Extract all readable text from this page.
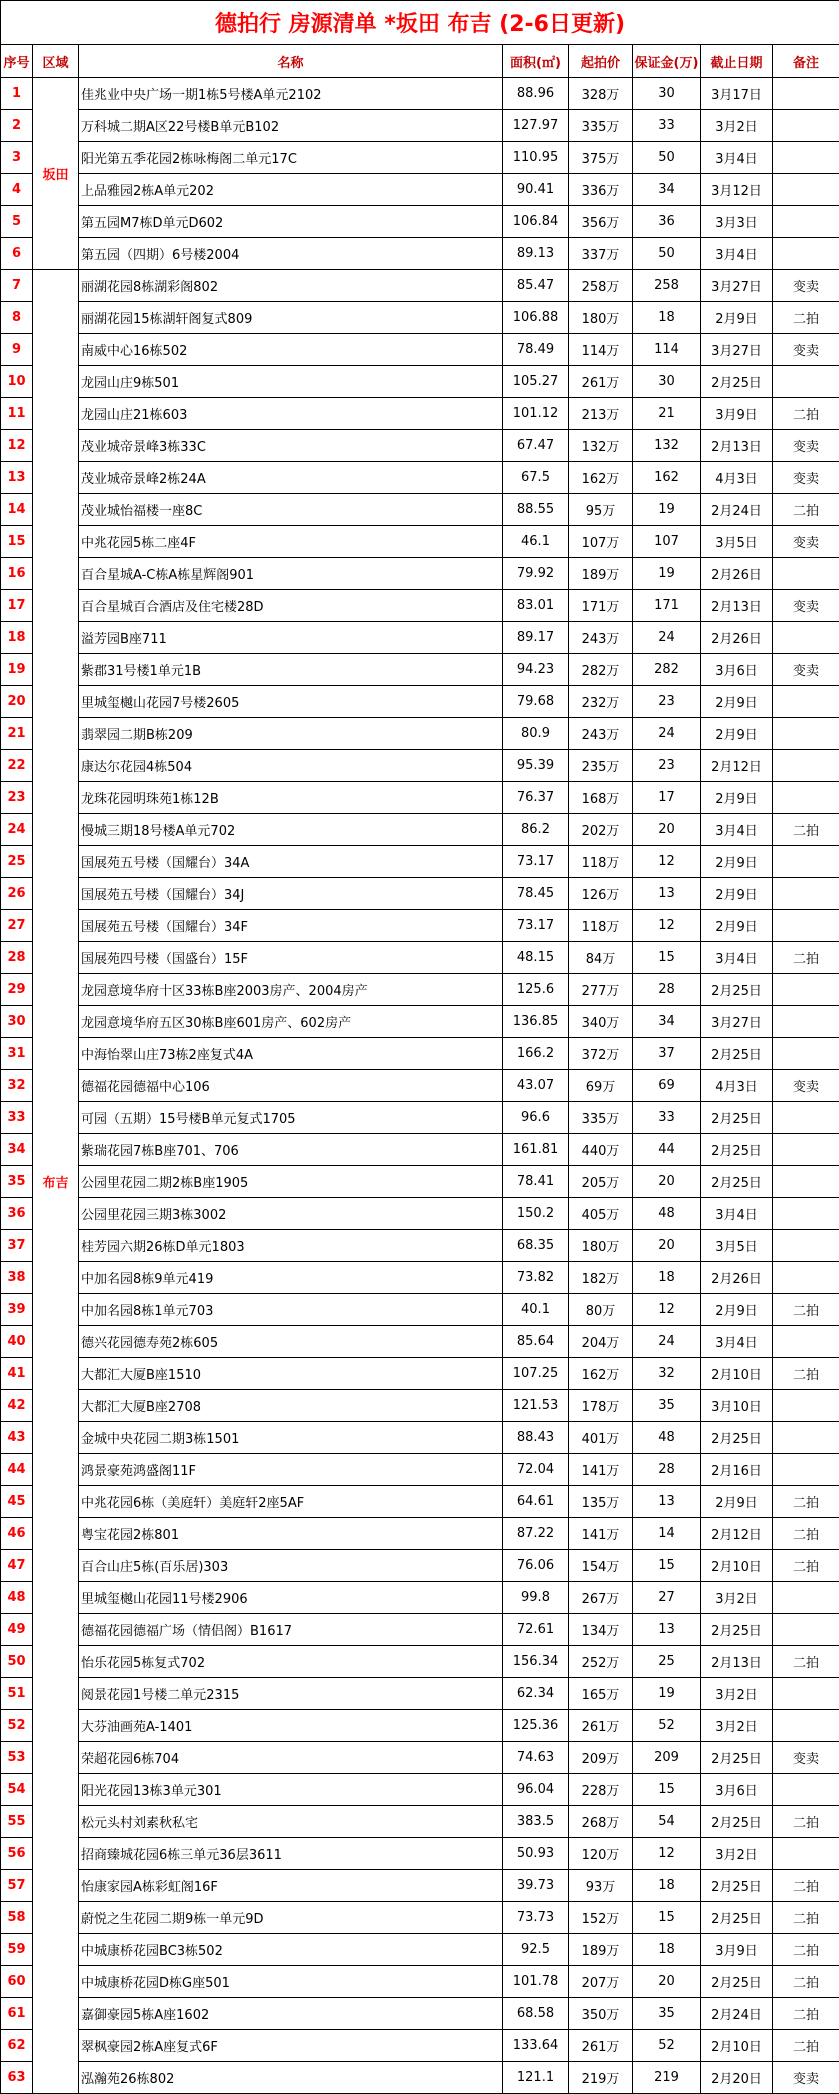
德拍行 房源清单 *坂田 布吉 (2-6日更新)							
序号	区域	名称	面积(㎡)	起拍价	保证金(万)	截止日期	备注
1	坂田	佳兆业中央广场一期1栋5号楼A单元2102	88.96	328万	30	3月17日	
2		万科城二期A区22号楼B单元B102	127.97	335万	33	3月2日	
3		阳光第五季花园2栋咏梅阁二单元17C	110.95	375万	50	3月4日	
4		上品雅园2栋A单元202	90.41	336万	34	3月12日	
5		第五园M7栋D单元D602	106.84	356万	36	3月3日	
6		第五园（四期）6号楼2004	89.13	337万	50	3月4日	
7	布吉	丽湖花园8栋湖彩阁802	85.47	258万	258	3月27日	变卖
8		丽湖花园15栋湖轩阁复式809	106.88	180万	18	2月9日	二拍
9		南威中心16栋502	78.49	114万	114	3月27日	变卖
10		龙园山庄9栋501	105.27	261万	30	2月25日	
11		龙园山庄21栋603	101.12	213万	21	3月9日	二拍
12		茂业城帝景峰3栋33C	67.47	132万	132	2月13日	变卖
13		茂业城帝景峰2栋24A	67.5	162万	162	4月3日	变卖
14		茂业城怡福楼一座8C	88.55	95万	19	2月24日	二拍
15		中兆花园5栋二座4F	46.1	107万	107	3月5日	变卖
16		百合星城A-C栋A栋星辉阁901	79.92	189万	19	2月26日	
17		百合星城百合酒店及住宅楼28D	83.01	171万	171	2月13日	变卖
18		溢芳园B座711	89.17	243万	24	2月26日	
19		紫郡31号楼1单元1B	94.23	282万	282	3月6日	变卖
20		里城玺樾山花园7号楼2605	79.68	232万	23	2月9日	
21		翡翠园二期B栋209	80.9	243万	24	2月9日	
22		康达尔花园4栋504	95.39	235万	23	2月12日	
23		龙珠花园明珠苑1栋12B	76.37	168万	17	2月9日	
24		慢城三期18号楼A单元702	86.2	202万	20	3月4日	二拍
25		国展苑五号楼（国耀台）34A	73.17	118万	12	2月9日	
26		国展苑五号楼（国耀台）34J	78.45	126万	13	2月9日	
27		国展苑五号楼（国耀台）34F	73.17	118万	12	2月9日	
28		国展苑四号楼（国盛台）15F	48.15	84万	15	3月4日	二拍
29		龙园意境华府十区33栋B座2003房产、2004房产	125.6	277万	28	2月25日	
30		龙园意境华府五区30栋B座601房产、602房产	136.85	340万	34	3月27日	
31		中海怡翠山庄73栋2座复式4A	166.2	372万	37	2月25日	
32		德福花园德福中心106	43.07	69万	69	4月3日	变卖
33		可园（五期）15号楼B单元复式1705	96.6	335万	33	2月25日	
34		紫瑞花园7栋B座701、706	161.81	440万	44	2月25日	
35		公园里花园二期2栋B座1905	78.41	205万	20	2月25日	
36		公园里花园三期3栋3002	150.2	405万	48	3月4日	
37		桂芳园六期26栋D单元1803	68.35	180万	20	3月5日	
38		中加名园8栋9单元419	73.82	182万	18	2月26日	
39		中加名园8栋1单元703	40.1	80万	12	2月9日	二拍
40		德兴花园德寿苑2栋605	85.64	204万	24	3月4日	
41		大都汇大厦B座1510	107.25	162万	32	2月10日	二拍
42		大都汇大厦B座2708	121.53	178万	35	3月10日	
43		金城中央花园二期3栋1501	88.43	401万	48	2月25日	
44		鸿景豪苑鸿盛阁11F	72.04	141万	28	2月16日	
45		中兆花园6栋（美庭轩）美庭轩2座5AF	64.61	135万	13	2月9日	二拍
46		粤宝花园2栋801	87.22	141万	14	2月12日	二拍
47		百合山庄5栋(百乐居)303	76.06	154万	15	2月10日	二拍
48		里城玺樾山花园11号楼2906	99.8	267万	27	3月2日	
49		德福花园德福广场（情侣阁）B1617	72.61	134万	13	2月25日	
50		怡乐花园5栋复式702	156.34	252万	25	2月13日	二拍
51		阅景花园1号楼二单元2315	62.34	165万	19	3月2日	
52		大芬油画苑A-1401	125.36	261万	52	3月2日	
53		荣超花园6栋704	74.63	209万	209	2月25日	变卖
54		阳光花园13栋3单元301	96.04	228万	15	3月6日	
55		松元头村刘素秋私宅	383.5	268万	54	2月25日	二拍
56		招商臻城花园6栋三单元36层3611	50.93	120万	12	3月2日	
57		怡康家园A栋彩虹阁16F	39.73	93万	18	2月25日	二拍
58		蔚悦之生花园二期9栋一单元9D	73.73	152万	15	2月25日	二拍
59		中城康桥花园BC3栋502	92.5	189万	18	3月9日	二拍
60		中城康桥花园D栋G座501	101.78	207万	20	2月25日	二拍
61		嘉御豪园5栋A座1602	68.58	350万	35	2月24日	二拍
62		翠枫豪园2栋A座复式6F	133.64	261万	52	2月10日	二拍
63		泓瀚苑26栋802	121.1	219万	219	2月20日	变卖
